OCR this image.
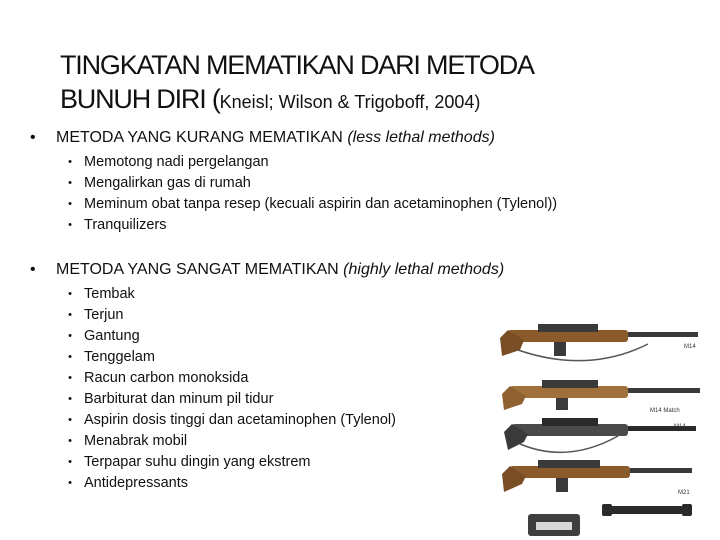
TINGKATAN MEMATIKAN DARI METODA
BUNUH DIRI (Kneisl; Wilson & Trigoboff, 2004)
• METODA YANG KURANG MEMATIKAN (less lethal methods)
• Memotong nadi pergelangan
• Mengalirkan gas di rumah
• Meminum obat tanpa resep (kecuali aspirin dan acetaminophen (Tylenol))
• Tranquilizers
• METODA YANG SANGAT MEMATIKAN (highly lethal methods)
• Tembak
• Terjun
• Gantung
• Tenggelam
• Racun carbon monoksida
• Barbiturat dan minum pil tidur
• Aspirin dosis tinggi dan acetaminophen (Tylenol)
• Menabrak mobil
• Terpapar suhu dingin yang ekstrem
• Antidepressants
M14
M14 Match
M14
M21
